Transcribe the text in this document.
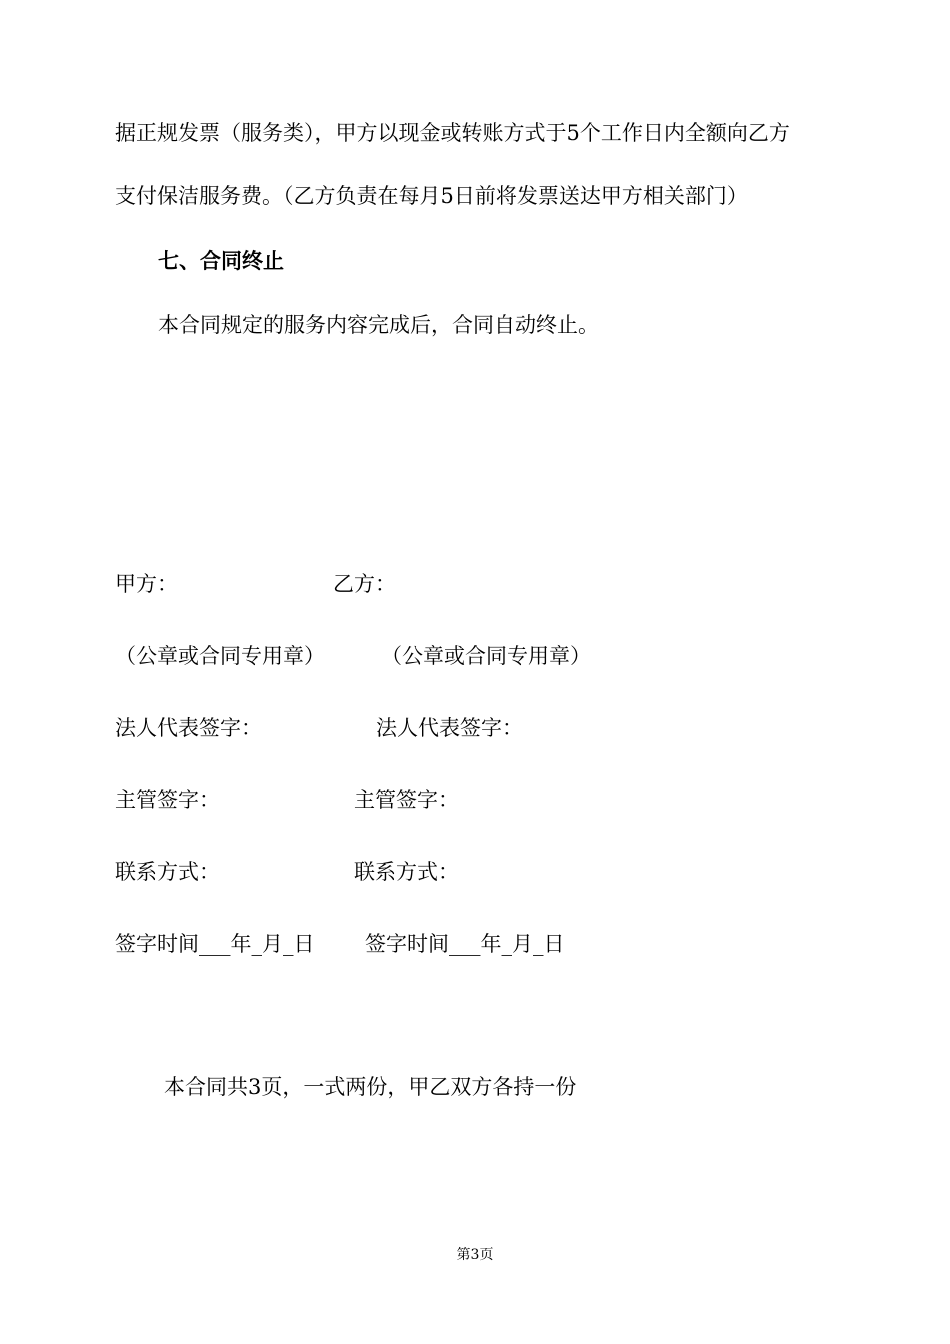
据正规发票（服务类），甲方以现金或转账方式于5个工作日内全额向乙方
支付保洁服务费。（乙方负责在每月5日前将发票送达甲方相关部门）
七、合同终止
本合同规定的服务内容完成后，合同自动终止。
甲方：	乙方：
（公章或合同专用章）	（公章或合同专用章）
法人代表签字：	法人代表签字：
主管签字：	主管签字：
联系方式：	联系方式：
签字时间___年_月_日 签字时间___年_月_日
本合同共3页，一式两份，甲乙双方各持一份
第3页
